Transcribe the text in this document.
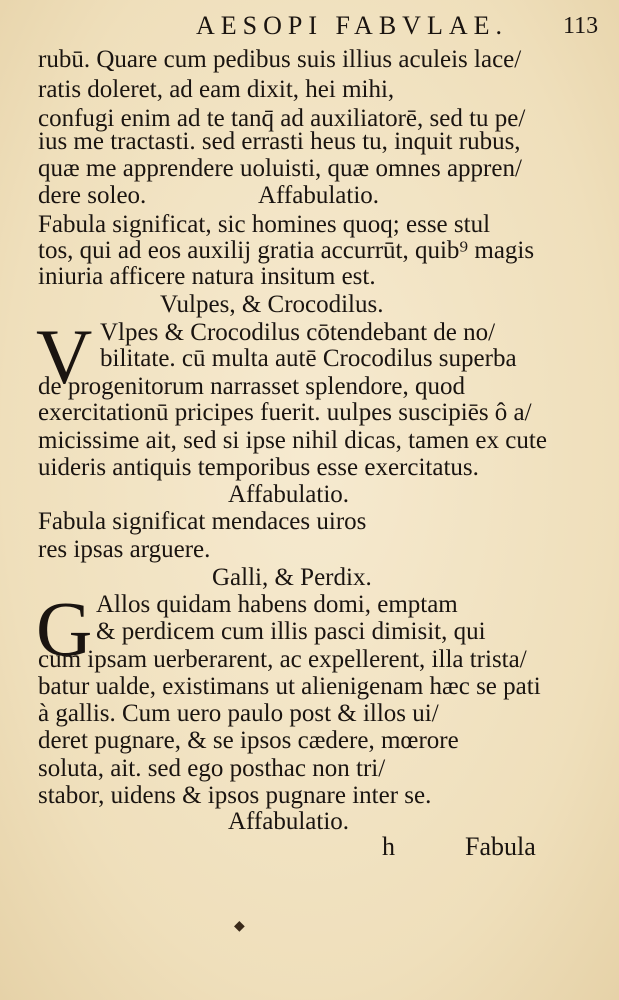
AESOPI FABVLAE. 113
rubū. Quare cum pedibus suis illius aculeis lace/
ratis doleret, ad eam dixit, hei mihi,
confugi enim ad te tanq̄ ad auxiliatorē, sed tu pe/
ius me tractasti. sed errasti heus tu, inquit rubus,
quæ me apprendere uoluisti, quæ omnes appren/
dere soleo.	Affabulatio.
Fabula significat, sic homines quoq; esse stul
tos, qui ad eos auxilij gratia accurrūt, quib⁹ magis
iniuria afficere natura insitum est.
Vulpes, & Crocodilus.
V Vlpes & Crocodilus cōtendebant de no/
bilitate. cū multa autē Crocodilus superba
de progenitorum narrasset splendore, quod
exercitationū pricipes fuerit. uulpes suscipiēs ô a/
micissime ait, sed si ipse nihil dicas, tamen ex cute
uideris antiquis temporibus esse exercitatus.
Affabulatio.
Fabula significat mendaces uiros
res ipsas arguere.
Galli, & Perdix.
G Allos quidam habens domi, emptam
& perdicem cum illis pasci dimisit, qui
cum ipsam uerberarent, ac expellerent, illa trista/
batur ualde, existimans ut alienigenam hæc se pati
à gallis. Cum uero paulo post & illos ui/
deret pugnare, & se ipsos cædere, mœrore
soluta, ait. sed ego posthac non tri/
stabor, uidens & ipsos pugnare inter se.
Affabulatio.
h	Fabula
◆
